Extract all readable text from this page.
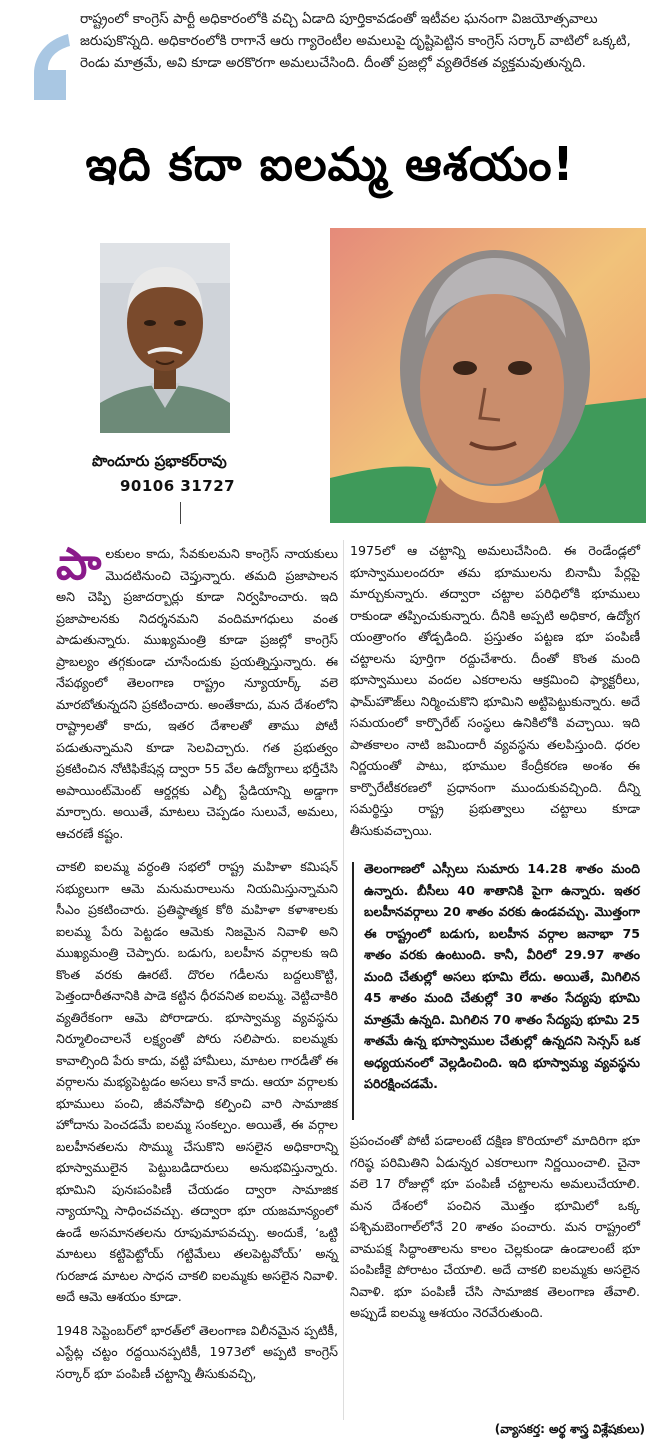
రాష్ట్రంలో కాంగ్రెస్ పార్టీ అధికారంలోకి వచ్చి ఏడాది పూర్తికావడంతో ఇటీవల ఘనంగా విజయోత్సవాలు జరుపుకొన్నది. అధికారంలోకి రాగానే ఆరు గ్యారెంటీల అమలుపై దృష్టిపెట్టిన కాంగ్రెస్ సర్కార్ వాటిలో ఒక్కటి, రెండు మాత్రమే, అవి కూడా అరకొరగా అమలుచేసింది. దీంతో ప్రజల్లో వ్యతిరేకత వ్యక్తమవుతున్నది.
ఇది కదా ఐలమ్మ ఆశయం!
పొందూరు ప్రభాకర్‌రావు
90106 31727

పాలకులం కాదు, సేవకులమని కాంగ్రెస్ నాయకులు మొదటినుంచి చెప్తున్నారు. తమది ప్రజాపాలన అని చెప్పి ప్రజాదర్బార్లు కూడా నిర్వహించారు. ఇది ప్రజాపాలనకు నిదర్శనమని వందిమాగధులు వంత పాడుతున్నారు. ముఖ్యమంత్రి కూడా ప్రజల్లో కాంగ్రెస్ ప్రాబల్యం తగ్గకుండా చూసేందుకు ప్రయత్నిస్తున్నారు. ఈ నేపథ్యంలో తెలంగాణ రాష్ట్రం న్యూయార్క్ వలె మారబోతున్నదని ప్రకటించారు. అంతేకాదు, మన దేశంలోని రాష్ట్రాలతో కాదు, ఇతర దేశాలతో తాము పోటీ పడుతున్నామని కూడా సెలవిచ్చారు. గత ప్రభుత్వం ప్రకటించిన నోటిఫికేషన్ల ద్వారా 55 వేల ఉద్యోగాలు భర్తీచేసి అపాయింట్‌మెంట్ ఆర్డర్లకు ఎల్బీ స్టేడియాన్ని అడ్డాగా మార్చారు. అయితే, మాటలు చెప్పడం సులువే, అమలు, ఆచరణే కష్టం.

చాకలి ఐలమ్మ వర్ధంతి సభలో రాష్ట్ర మహిళా కమిషన్ సభ్యులుగా ఆమె మనుమరాలును నియమిస్తున్నామని సీఎం ప్రకటించారు. ప్రతిష్ఠాత్మక కోఠి మహిళా కళాశాలకు ఐలమ్మ పేరు పెట్టడం ఆమెకు నిజమైన నివాళి అని ముఖ్యమంత్రి చెప్పారు. బడుగు, బలహీన వర్గాలకు ఇది కొంత వరకు ఊరటే. దొరల గడీలను బద్దలుకొట్టి, పెత్తందారీతనానికి పాడె కట్టిన ధీరవనిత ఐలమ్మ. వెట్టిచాకిరి వ్యతిరేకంగా ఆమె పోరాడారు. భూస్వామ్య వ్యవస్థను నిర్మూలించాలనే లక్ష్యంతో పోరు సలిపారు. ఐలమ్మకు కావాల్సింది పేరు కాదు, వట్టి హామీలు, మాటల గారడీతో ఈ వర్గాలను మభ్యపెట్టడం అసలు కానే కాదు. ఆయా వర్గాలకు భూములు పంచి, జీవనోపాధి కల్పించి వారి సామాజిక హోదాను పెంచడమే ఐలమ్మ సంకల్పం. అయితే, ఈ వర్గాల బలహీనతలను సొమ్ము చేసుకొని అసలైన అధికారాన్ని భూస్వాములైన పెట్టుబడిదారులు అనుభవిస్తున్నారు. భూమిని పునఃపంపిణీ చేయడం ద్వారా సామాజిక న్యాయాన్ని సాధించవచ్చు. తద్వారా భూ యజమాన్యంలో ఉండే అసమానతలను రూపుమాపవచ్చు. అందుకే, ‘ఒట్టి మాటలు కట్టిపెట్టోయ్ గట్టిమేలు తలపెట్టవోయ్’ అన్న గురజాడ మాటల సాధన చాకలి ఐలమ్మకు అసలైన నివాళి. అదే ఆమె ఆశయం కూడా.

1948 సెప్టెంబర్‌లో భారత్‌లో తెలంగాణ విలీనమైన ప్పటికీ, ఎస్టేట్ల చట్టం రద్దయినప్పటికీ, 1973లో అప్పటి కాంగ్రెస్ సర్కార్ భూ పంపిణీ చట్టాన్ని తీసుకువచ్చి,

1975లో ఆ చట్టాన్ని అమలుచేసింది. ఈ రెండేండ్లలో భూస్వాములందరూ తమ భూములను బినామీ పేర్లపై మార్చుకున్నారు. తద్వారా చట్టాల పరిధిలోకి భూములు రాకుండా తప్పించుకున్నారు. దీనికి అప్పటి అధికార, ఉద్యోగ యంత్రాంగం తోడ్పడింది. ప్రస్తుతం పట్టణ భూ పంపిణీ చట్టాలను పూర్తిగా రద్దుచేశారు. దీంతో కొంత మంది భూస్వాములు వందల ఎకరాలను ఆక్రమించి ఫ్యాక్టరీలు, ఫామ్‌హౌజ్‌లు నిర్మించుకొని భూమిని అట్టిపెట్టుకున్నారు. అదే సమయంలో కార్పొరేట్ సంస్థలు ఉనికిలోకి వచ్చాయి. ఇది పాతకాలం నాటి జమిందారీ వ్యవస్థను తలపిస్తుంది. ధరల నిర్ణయంతో పాటు, భూముల కేంద్రీకరణ అంశం ఈ కార్పొరేటీకరణలో ప్రధానంగా ముందుకువచ్చింది. దీన్ని సమర్థిస్తు రాష్ట్ర ప్రభుత్వాలు చట్టాలు కూడా తీసుకువచ్చాయి.

తెలంగాణలో ఎస్సీలు సుమారు 14.28 శాతం మంది ఉన్నారు. బీసీలు 40 శాతానికి పైగా ఉన్నారు. ఇతర బలహీనవర్గాలు 20 శాతం వరకు ఉండవచ్చు. మొత్తంగా ఈ రాష్ట్రంలో బడుగు, బలహీన వర్గాల జనాభా 75 శాతం వరకు ఉంటుంది. కానీ, వీరిలో 29.97 శాతం మంది చేతుల్లో అసలు భూమి లేదు. అయితే, మిగిలిన 45 శాతం మంది చేతుల్లో 30 శాతం సేద్యపు భూమి మాత్రమే ఉన్నది. మిగిలిన 70 శాతం సేద్యపు భూమి 25 శాతమే ఉన్న భూస్వాముల చేతుల్లో ఉన్నదని సెన్సస్ ఒక అధ్యయనంలో వెల్లడించింది. ఇది భూస్వామ్య వ్యవస్థను పరిరక్షించడమే.

ప్రపంచంతో పోటీ పడాలంటే దక్షిణ కొరియాలో మాదిరిగా భూ గరిష్ఠ పరిమితిని ఏడున్నర ఎకరాలుగా నిర్ణయించాలి. చైనా వలె 17 రోజుల్లో భూ పంపిణీ చట్టాలను అమలుచేయాలి. మన దేశంలో పంచిన మొత్తం భూమిలో ఒక్క పశ్చిమబెంగాల్‌లోనే 20 శాతం పంచారు. మన రాష్ట్రంలో వామపక్ష సిద్ధాంతాలను కాలం చెల్లకుండా ఉండాలంటే భూ పంపిణీకై పోరాటం చేయాలి. అదే చాకలి ఐలమ్మకు అసలైన నివాళి. భూ పంపిణీ చేసి సామాజిక తెలంగాణ తేవాలి. అప్పుడే ఐలమ్మ ఆశయం నెరవేరుతుంది.

(వ్యాసకర్త: అర్థ శాస్త్ర విశ్లేషకులు)
